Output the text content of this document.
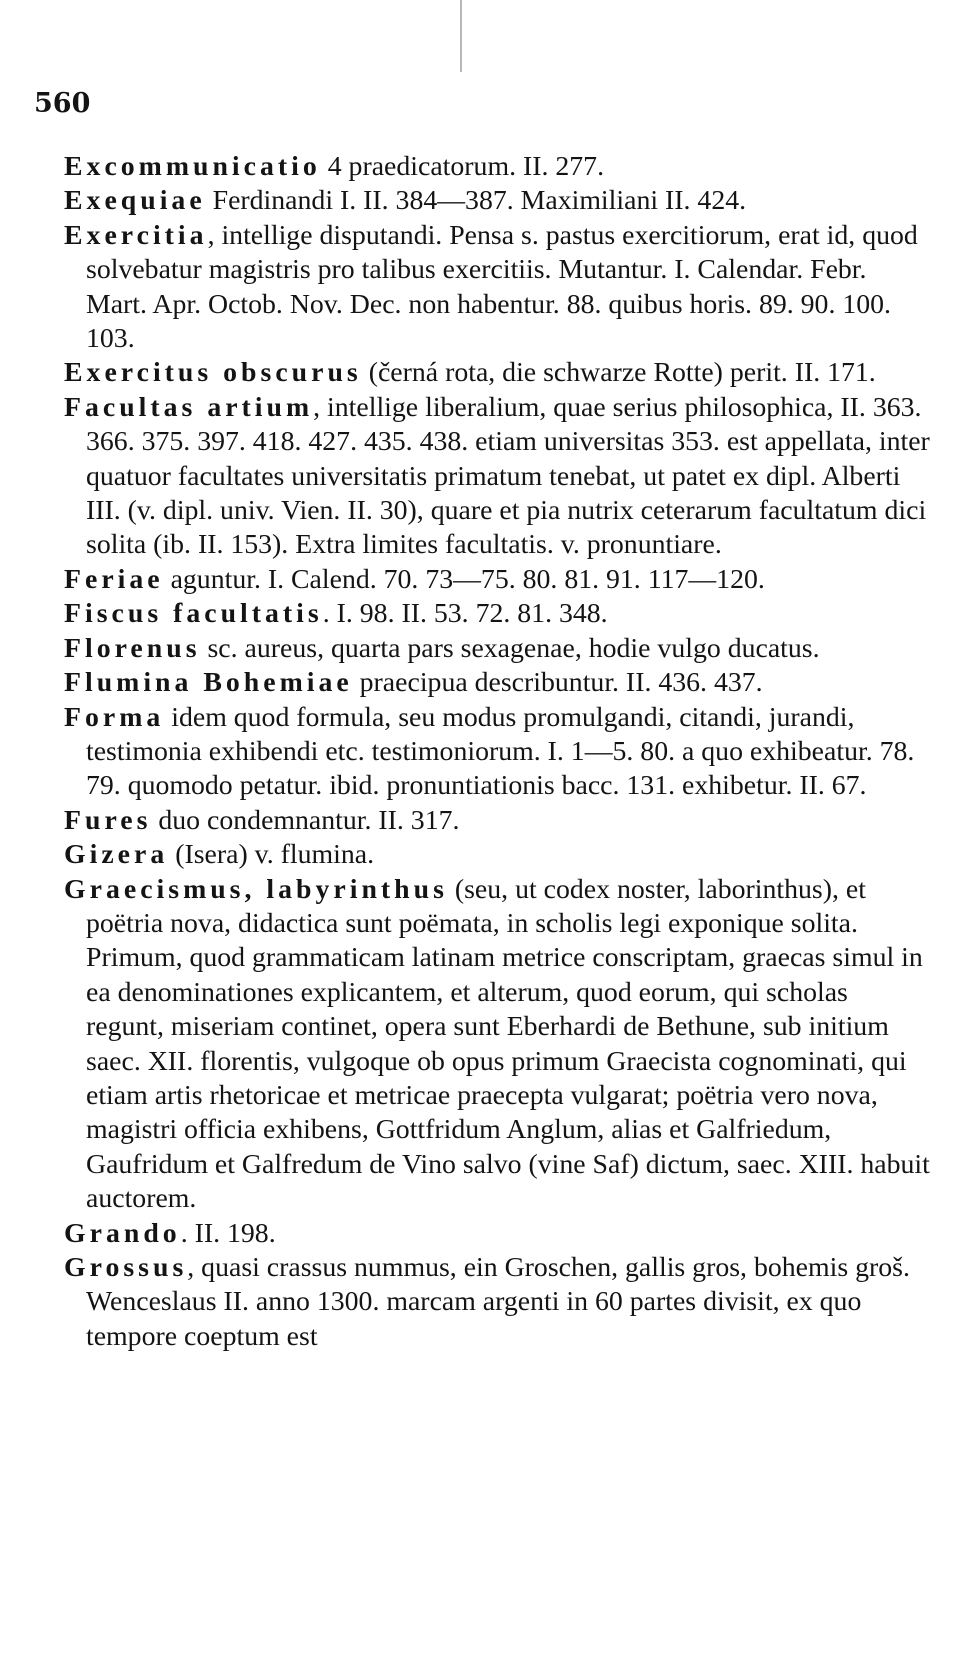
560

Excommunicatio 4 praedicatorum. II. 277.

Exequiae Ferdinandi I. II. 384—387. Maximiliani II. 424.

Exercitia, intellige disputandi. Pensa s. pastus exercitiorum, erat id, quod solvebatur magistris pro talibus exercitiis. Mutantur. I. Calendar. Febr. Mart. Apr. Octob. Nov. Dec. non habentur. 88. quibus horis. 89. 90. 100. 103.

Exercitus obscurus (černá rota, die schwarze Rotte) perit. II. 171.

Facultas artium, intellige liberalium, quae serius philosophica, II. 363. 366. 375. 397. 418. 427. 435. 438. etiam universitas 353. est appellata, inter quatuor facultates universitatis primatum tenebat, ut patet ex dipl. Alberti III. (v. dipl. univ. Vien. II. 30), quare et pia nutrix ceterarum facultatum dici solita (ib. II. 153). Extra limites facultatis. v. pronuntiare.

Feriae aguntur. I. Calend. 70. 73—75. 80. 81. 91. 117—120.

Fiscus facultatis. I. 98. II. 53. 72. 81. 348.

Florenus sc. aureus, quarta pars sexagenae, hodie vulgo ducatus.

Flumina Bohemiae praecipua describuntur. II. 436. 437.

Forma idem quod formula, seu modus promulgandi, citandi, jurandi, testimonia exhibendi etc. testimoniorum. I. 1—5. 80. a quo exhibeatur. 78. 79. quomodo petatur. ibid. pronuntiationis bacc. 131. exhibetur. II. 67.

Fures duo condemnantur. II. 317.

Gizera (Isera) v. flumina.

Graecismus, labyrinthus (seu, ut codex noster, laborinthus), et poëtria nova, didactica sunt poëmata, in scholis legi exponique solita. Primum, quod grammaticam latinam metrice conscriptam, graecas simul in ea denominationes explicantem, et alterum, quod eorum, qui scholas regunt, miseriam continet, opera sunt Eberhardi de Bethune, sub initium saec. XII. florentis, vulgoque ob opus primum Graecista cognominati, qui etiam artis rhetoricae et metricae praecepta vulgarat; poëtria vero nova, magistri officia exhibens, Gottfridum Anglum, alias et Galfriedum, Gaufridum et Galfredum de Vino salvo (vine Saf) dictum, saec. XIII. habuit auctorem.

Grando. II. 198.

Grossus, quasi crassus nummus, ein Groschen, gallis gros, bohemis groš. Wenceslaus II. anno 1300. marcam argenti in 60 partes divisit, ex quo tempore coeptum est
